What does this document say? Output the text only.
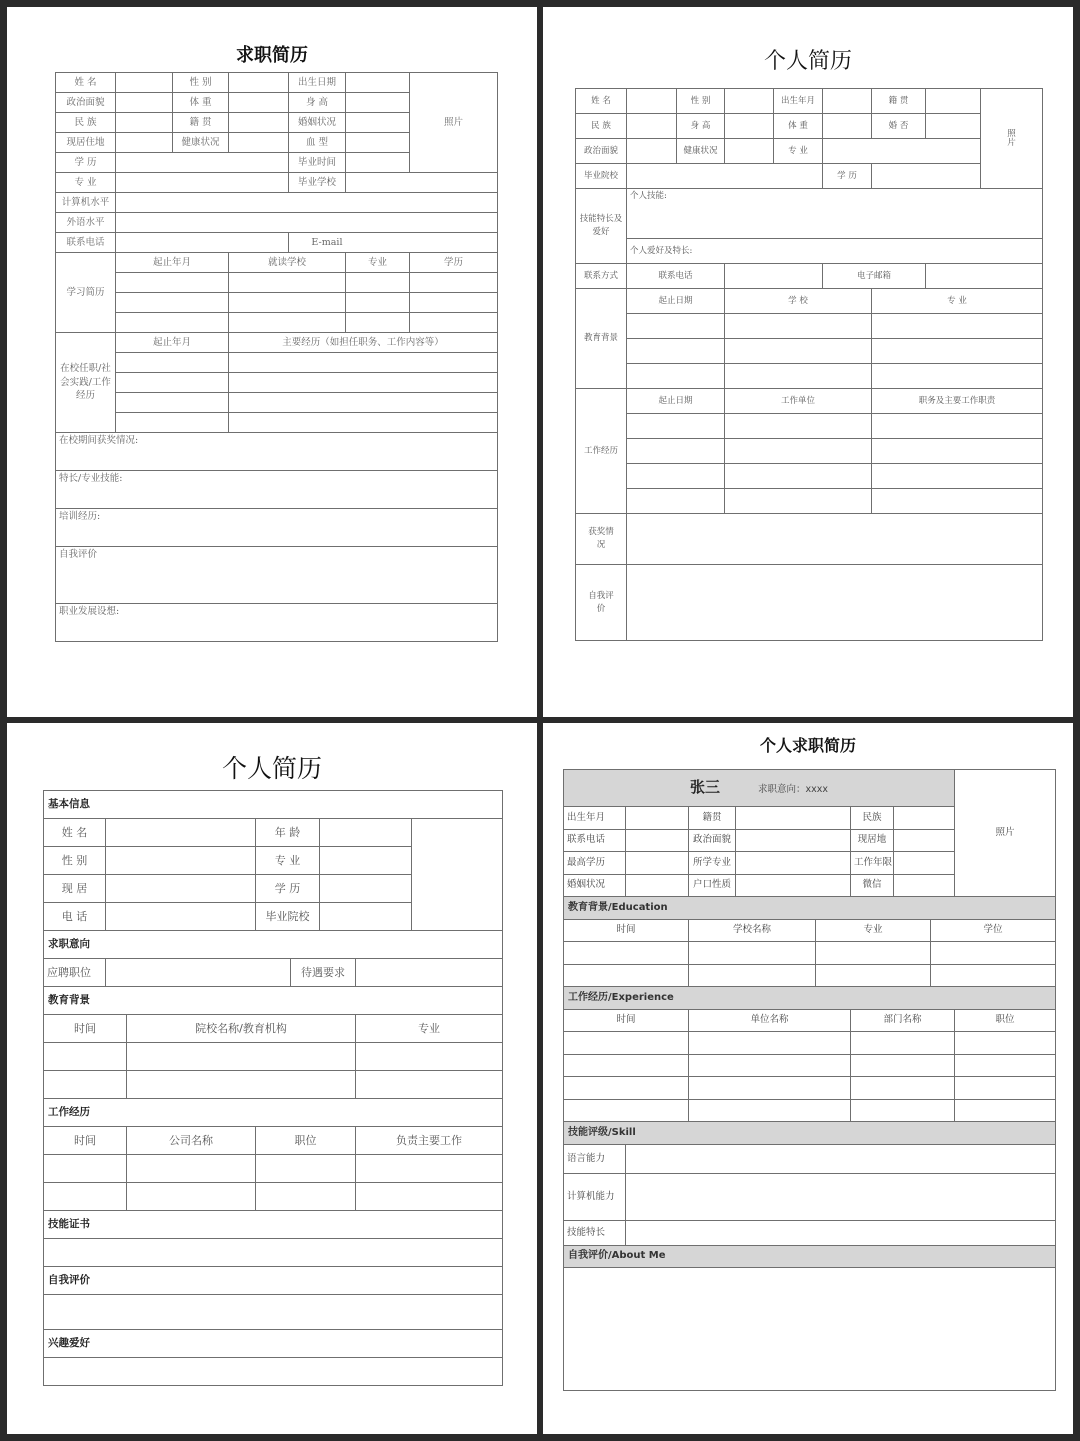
求职简历
姓 名		性 别		出生日期		照片
政治面貌		体 重		身 高		
民 族		籍 贯		婚姻状况		
现居住地		健康状况		血 型		
学 历				毕业时间		
专 业				毕业学校		
计算机水平						
外语水平						
联系电话				E-mail		
学习简历	起止年月		就读学校		专业	学历

在校任职/社会实践/工作经历	起止年月		主要经历（如担任职务、工作内容等）			

在校期间获奖情况:						
特长/专业技能:						
培训经历:						
自我评价						
职业发展设想:						
个人简历
姓 名		性 别		出生年月		籍 贯		照片
民 族		身 高		体 重		婚 否		
政治面貌		健康状况		专 业				
毕业院校					学 历			
技能特长及爱好	个人技能:							
	个人爱好及特长:							
联系方式	联系电话				电子邮箱			
教育背景	起止日期		学 校			专 业		

工作经历	起止日期		工作单位			职务及主要工作职责		

获奖情况								
自我评价								
个人简历
基本信息							
姓 名			年 龄				
性 别			专 业				
现 居			学 历				
电 话			毕业院校				
求职意向							
应聘职位				待遇要求			
教育背景							
时间		院校名称/教育机构				专业	

工作经历							
时间		公司名称	职位			负责主要工作	

技能证书							

自我评价							

兴趣爱好							

个人求职简历
张三 求职意向：xxxx								照片
出生年月		籍贯			民族			
联系电话		政治面貌			现居地			
最高学历		所学专业			工作年限			
婚姻状况		户口性质			微信			
教育背景/Education								
时间		学校名称		专业			学位	

工作经历/Experience								
时间		单位名称			部门名称			职位

技能评级/Skill								
语言能力								
计算机能力								
技能特长								
自我评价/About Me								
